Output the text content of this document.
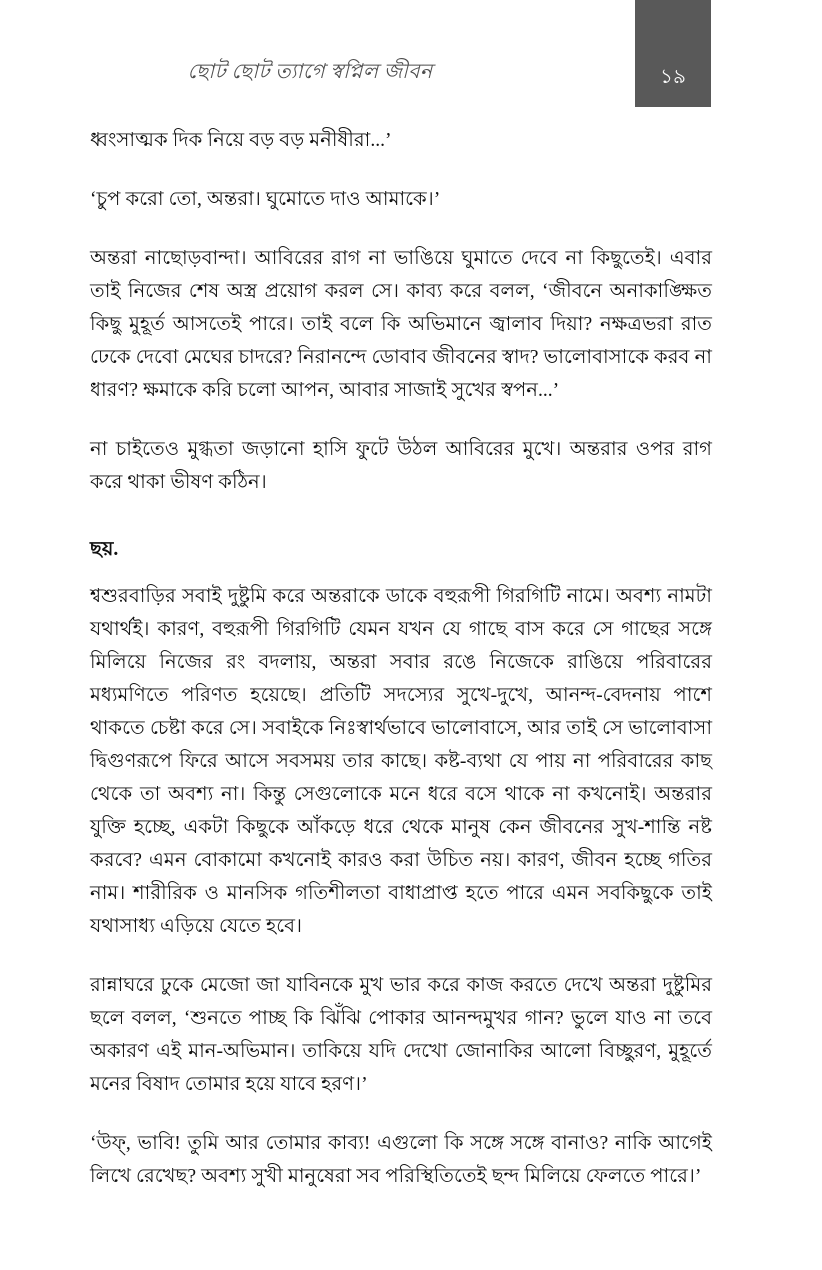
ছোট ছোট ত্যাগে স্বপ্নিল জীবন	১৯

ধ্বংসাত্মক দিক নিয়ে বড় বড় মনীষীরা...’

‘চুপ করো তো, অন্তরা। ঘুমোতে দাও আমাকে।’

অন্তরা নাছোড়বান্দা। আবিরের রাগ না ভাঙিয়ে ঘুমাতে দেবে না কিছুতেই। এবার তাই নিজের শেষ অস্ত্র প্রয়োগ করল সে। কাব্য করে বলল, ‘জীবনে অনাকাঙ্ক্ষিত কিছু মুহূর্ত আসতেই পারে। তাই বলে কি অভিমানে জ্বালাব দিয়া? নক্ষত্রভরা রাত ঢেকে দেবো মেঘের চাদরে? নিরানন্দে ডোবাব জীবনের স্বাদ? ভালোবাসাকে করব না ধারণ? ক্ষমাকে করি চলো আপন, আবার সাজাই সুখের স্বপন...’

না চাইতেও মুগ্ধতা জড়ানো হাসি ফুটে উঠল আবিরের মুখে। অন্তরার ওপর রাগ করে থাকা ভীষণ কঠিন।

ছয়.

শ্বশুরবাড়ির সবাই দুষ্টুমি করে অন্তরাকে ডাকে বহুরূপী গিরগিটি নামে। অবশ্য নামটা যথার্থই। কারণ, বহুরূপী গিরগিটি যেমন যখন যে গাছে বাস করে সে গাছের সঙ্গে মিলিয়ে নিজের রং বদলায়, অন্তরা সবার রঙে নিজেকে রাঙিয়ে পরিবারের মধ্যমণিতে পরিণত হয়েছে। প্রতিটি সদস্যের সুখে-দুখে, আনন্দ-বেদনায় পাশে থাকতে চেষ্টা করে সে। সবাইকে নিঃস্বার্থভাবে ভালোবাসে, আর তাই সে ভালোবাসা দ্বিগুণরূপে ফিরে আসে সবসময় তার কাছে। কষ্ট-ব্যথা যে পায় না পরিবারের কাছ থেকে তা অবশ্য না। কিন্তু সেগুলোকে মনে ধরে বসে থাকে না কখনোই। অন্তরার যুক্তি হচ্ছে, একটা কিছুকে আঁকড়ে ধরে থেকে মানুষ কেন জীবনের সুখ-শান্তি নষ্ট করবে? এমন বোকামো কখনোই কারও করা উচিত নয়। কারণ, জীবন হচ্ছে গতির নাম। শারীরিক ও মানসিক গতিশীলতা বাধাপ্রাপ্ত হতে পারে এমন সবকিছুকে তাই যথাসাধ্য এড়িয়ে যেতে হবে।

রান্নাঘরে ঢুকে মেজো জা যাবিনকে মুখ ভার করে কাজ করতে দেখে অন্তরা দুষ্টুমির ছলে বলল, ‘শুনতে পাচ্ছ কি ঝিঁঝি পোকার আনন্দমুখর গান? ভুলে যাও না তবে অকারণ এই মান-অভিমান। তাকিয়ে যদি দেখো জোনাকির আলো বিচ্ছুরণ, মুহূর্তে মনের বিষাদ তোমার হয়ে যাবে হরণ।’

‘উফ্, ভাবি! তুমি আর তোমার কাব্য! এগুলো কি সঙ্গে সঙ্গে বানাও? নাকি আগেই লিখে রেখেছ? অবশ্য সুখী মানুষেরা সব পরিস্থিতিতেই ছন্দ মিলিয়ে ফেলতে পারে।’
